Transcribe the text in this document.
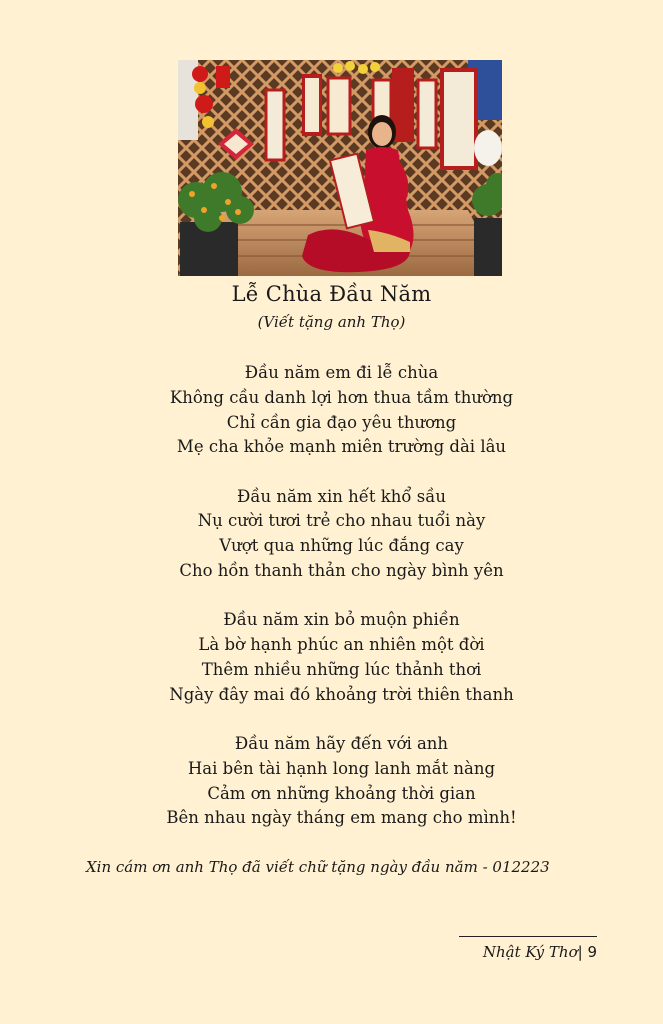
Lễ Chùa Đầu Năm
(Viết tặng anh Thọ)
Đầu năm em đi lễ chùa
Không cầu danh lợi hơn thua tầm thường
Chỉ cần gia đạo yêu thương
Mẹ cha khỏe mạnh miên trường dài lâu
Đầu năm xin hết khổ sầu
Nụ cười tươi trẻ cho nhau tuổi này
Vượt qua những lúc đắng cay
Cho hồn thanh thản cho ngày bình yên
Đầu năm xin bỏ muộn phiền
Là bờ hạnh phúc an nhiên một đời
Thêm nhiều những lúc thảnh thơi
Ngày đây mai đó khoảng trời thiên thanh
Đầu năm hãy đến với anh
Hai bên tài hạnh long lanh mắt nàng
Cảm ơn những khoảng thời gian
Bên nhau ngày tháng em mang cho mình!
Xin cám ơn anh Thọ đã viết chữ tặng ngày đầu năm - 012223
Nhật Ký Thơ| 9
